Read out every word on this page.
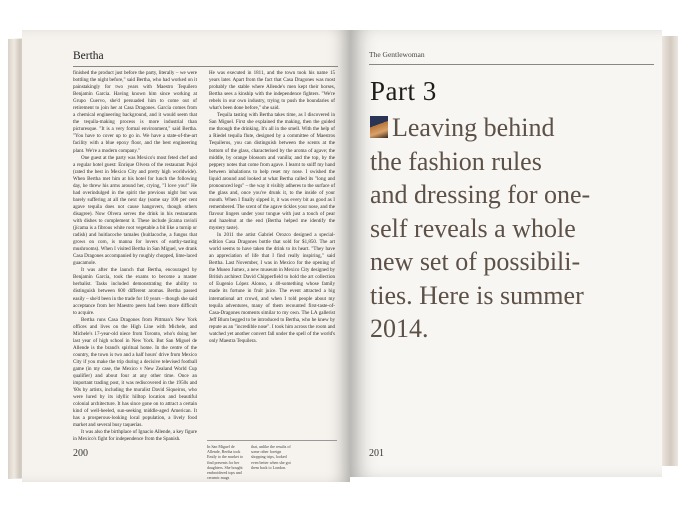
Bertha

finished the product just before the party, literally – we were bottling the night before," said Bertha, who had worked on it painstakingly for two years with Maestro Tequilero Benjamín Garcia. Having known him since working at Grupo Cuervo, she'd persuaded him to come out of retirement to join her at Casa Dragones. García comes from a chemical engineering background, and it would seem that the tequila-making process is more industrial than picturesque. "It is a very formal environment," said Bertha. "You have to cover up to go in. We have a state-of-the-art facility with a blue epoxy floor, and the best engineering plant. We're a modern company."

One guest at the party was Mexico's most feted chef and a regular hotel guest: Enrique Olvera of the restaurant Pujol (rated the best in Mexico City and pretty high worldwide). When Bertha met him at his hotel for lunch the following day, he threw his arms around her, crying, "I love you!" He had overindulged in the spirit the previous night but was barely suffering at all the next day (some say 100 per cent agave tequila does not cause hangovers, though others disagree). Now Olvera serves the drink in his restaurants with dishes to complement it. These include jícama ravioli (jícama is a fibrous white root vegetable a bit like a turnip or radish) and huitlacoche tamales (huitlacoche, a fungus that grows on corn, is manna for lovers of earthy-tasting mushrooms). When I visited Bertha in San Miguel, we drank Casa Dragones accompanied by roughly chopped, lime-laced guacamole.

It was after the launch that Bertha, encouraged by Benjamín García, took the exams to become a master herbalist. Tasks included demonstrating the ability to distinguish between 600 different aromas. Bertha passed easily – she'd been in the trade for 10 years – though she said acceptance from her Maestro peers had been more difficult to acquire.

Bertha runs Casa Dragones from Pittman's New York offices and lives on the High Line with Michele, and Michele's 17-year-old niece from Toronto, who's doing her last year of high school in New York. But San Miguel de Allende is the brand's spiritual home. In the centre of the country, the town is two and a half hours' drive from Mexico City if you make the trip during a decisive televised football game (in my case, the Mexico v New Zealand World Cup qualifier) and about four at any other time. Once an important trading post, it was rediscovered in the 1950s and '60s by artists, including the muralist David Siqueiros, who were lured by its idyllic hilltop location and beautiful colonial architecture. It has since gone on to attract a certain kind of well-heeled, sun-seeking middle-aged American. It has a prosperous-looking local population, a lively food market and several busy taquerías.

It was also the birthplace of Ignacio Allende, a key figure in Mexico's fight for independence from the Spanish.

He was executed in 1811, and the town took his name 15 years later. Apart from the fact that Casa Dragones was most probably the stable where Allende's men kept their horses, Bertha sees a kinship with the independence fighters. "We're rebels in our own industry, trying to push the boundaries of what's been done before," she said.

Tequila tasting with Bertha takes time, as I discovered in San Miguel. First she explained the making, then the guided me through the drinking. It's all in the smell. With the help of a Riedel tequila flute, designed by a committee of Maestros Tequileros, you can distinguish between the scents at the bottom of the glass, characterised by the aroma of agave; the middle, by orange blossom and vanilla; and the top, by the peppery notes that come from agave. I learnt to sniff my hand between inhalations to help reset my nose. I swished the liquid around and looked at what Bertha called its "long and pronounced legs" – the way it visibly adheres to the surface of the glass and, once you've drunk it, to the inside of your mouth. When I finally sipped it, it was every bit as good as I remembered. The scent of the agave tickles your nose, and the flavour lingers under your tongue with just a touch of pear and hazelnut at the end (Bertha helped me identify the mystery taste).

In 2011 the artist Gabriel Orozco designed a special-edition Casa Dragones bottle that sold for $1,850. The art world seems to have taken the drink to its heart. "They have an appreciation of life that I find really inspiring," said Bertha. Last November, I was in Mexico for the opening of the Museo Jumex, a new museum in Mexico City designed by British architect David Chipperfield to hold the art collection of Eugenio López Alonso, a 40-something whose family made its fortune in fruit juice. The event attracted a big international art crowd, and when I told people about my tequila adventures, many of them recounted first-taste-of-Casa-Dragones moments similar to my own. The LA gallerist Jeff Blum begged to be introduced to Bertha, who he knew by repute as an "incredible nose". I took him across the room and watched yet another convert fall under the spell of the world's only Maestra Tequilera.

In San Miguel de Allende, Bertha took Emily to the market to find presents for her daughters. She bought embroidered tops and ceramic mugs
that, unlike the results of some other foreign shopping trips, looked even better when she got them back to London.
200
The Gentlewoman
Part 3
Leaving behind
the fashion rules
and dressing for one-
self reveals a whole
new set of possibili-
ties. Here is summer
2014.
201
